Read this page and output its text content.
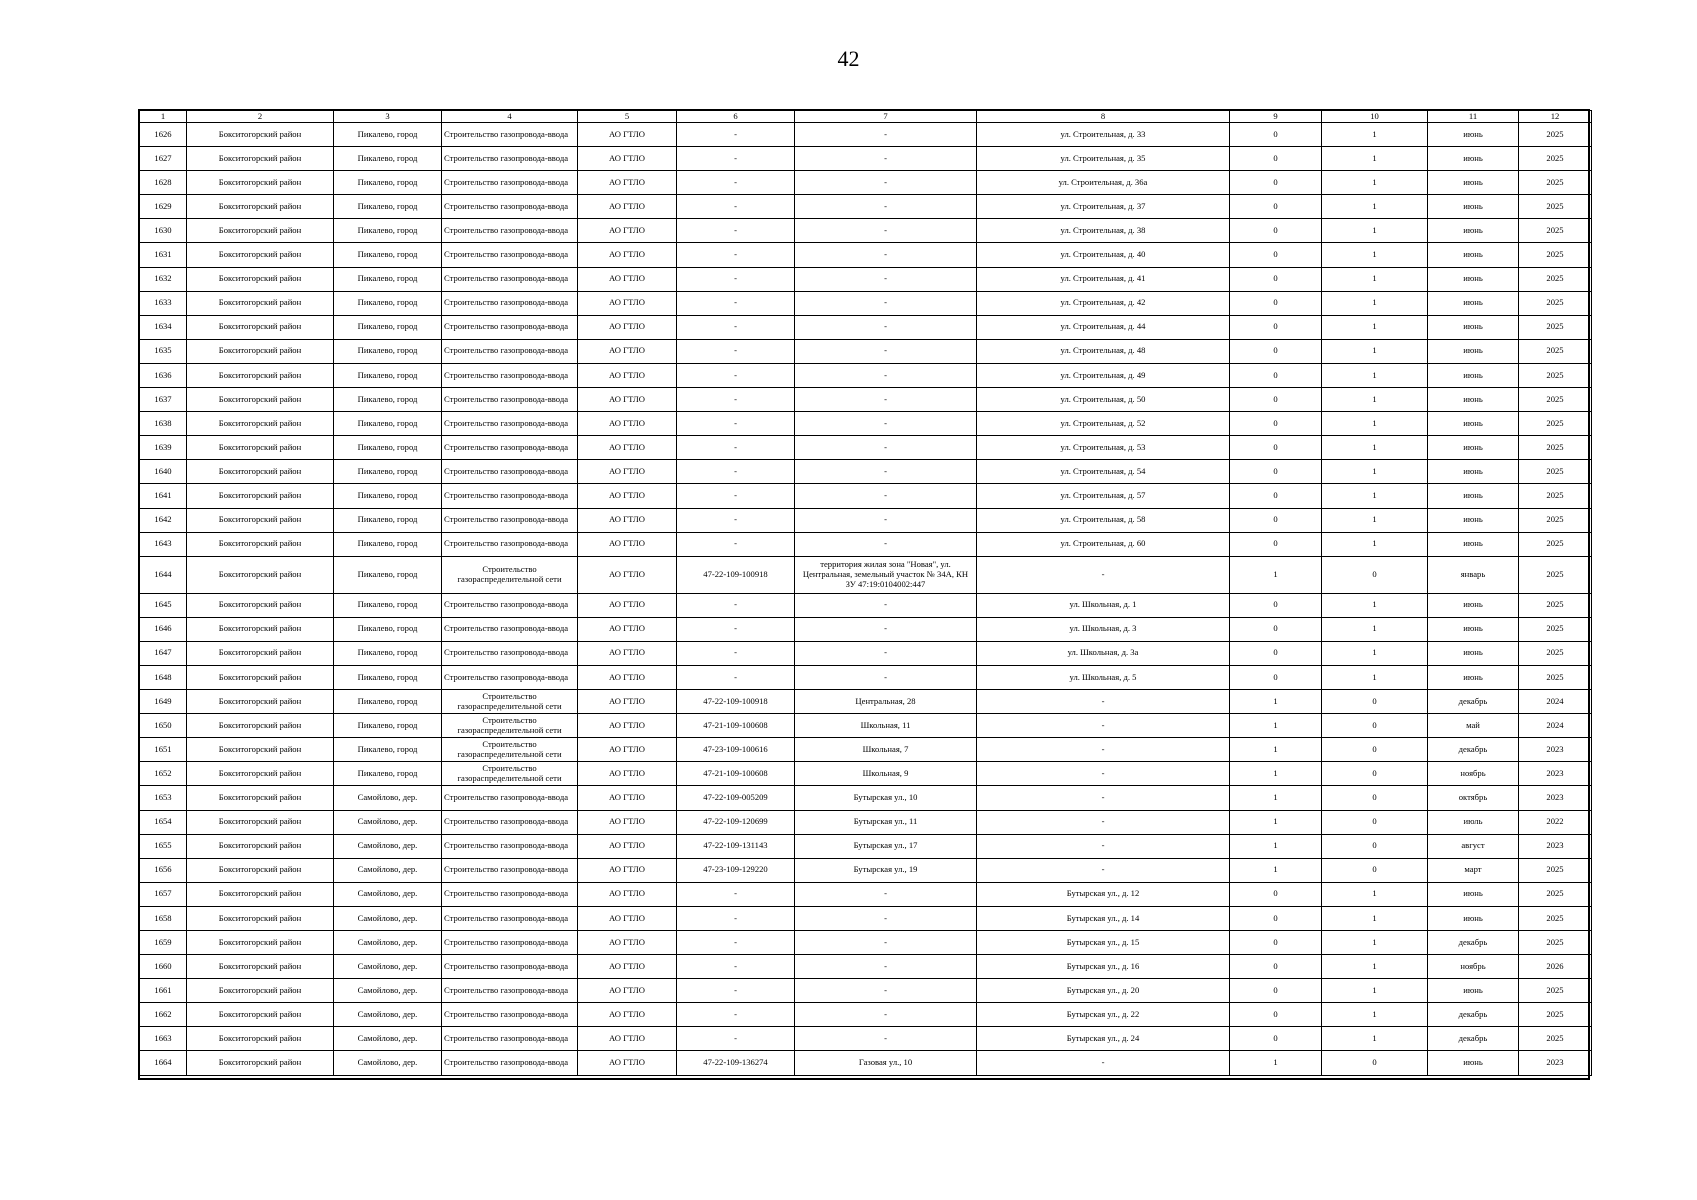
42
1	2	3	4	5	6	7	8	9	10	11	12
1626	Бокситогорский район	Пикалево, город	Строительство газопровода-ввода	АО ГТЛО	-	-	ул. Строительная, д. 33	0	1	июнь	2025
1627	Бокситогорский район	Пикалево, город	Строительство газопровода-ввода	АО ГТЛО	-	-	ул. Строительная, д. 35	0	1	июнь	2025
1628	Бокситогорский район	Пикалево, город	Строительство газопровода-ввода	АО ГТЛО	-	-	ул. Строительная, д. 36а	0	1	июнь	2025
1629	Бокситогорский район	Пикалево, город	Строительство газопровода-ввода	АО ГТЛО	-	-	ул. Строительная, д. 37	0	1	июнь	2025
1630	Бокситогорский район	Пикалево, город	Строительство газопровода-ввода	АО ГТЛО	-	-	ул. Строительная, д. 38	0	1	июнь	2025
1631	Бокситогорский район	Пикалево, город	Строительство газопровода-ввода	АО ГТЛО	-	-	ул. Строительная, д. 40	0	1	июнь	2025
1632	Бокситогорский район	Пикалево, город	Строительство газопровода-ввода	АО ГТЛО	-	-	ул. Строительная, д. 41	0	1	июнь	2025
1633	Бокситогорский район	Пикалево, город	Строительство газопровода-ввода	АО ГТЛО	-	-	ул. Строительная, д. 42	0	1	июнь	2025
1634	Бокситогорский район	Пикалево, город	Строительство газопровода-ввода	АО ГТЛО	-	-	ул. Строительная, д. 44	0	1	июнь	2025
1635	Бокситогорский район	Пикалево, город	Строительство газопровода-ввода	АО ГТЛО	-	-	ул. Строительная, д. 48	0	1	июнь	2025
1636	Бокситогорский район	Пикалево, город	Строительство газопровода-ввода	АО ГТЛО	-	-	ул. Строительная, д. 49	0	1	июнь	2025
1637	Бокситогорский район	Пикалево, город	Строительство газопровода-ввода	АО ГТЛО	-	-	ул. Строительная, д. 50	0	1	июнь	2025
1638	Бокситогорский район	Пикалево, город	Строительство газопровода-ввода	АО ГТЛО	-	-	ул. Строительная, д. 52	0	1	июнь	2025
1639	Бокситогорский район	Пикалево, город	Строительство газопровода-ввода	АО ГТЛО	-	-	ул. Строительная, д. 53	0	1	июнь	2025
1640	Бокситогорский район	Пикалево, город	Строительство газопровода-ввода	АО ГТЛО	-	-	ул. Строительная, д. 54	0	1	июнь	2025
1641	Бокситогорский район	Пикалево, город	Строительство газопровода-ввода	АО ГТЛО	-	-	ул. Строительная, д. 57	0	1	июнь	2025
1642	Бокситогорский район	Пикалево, город	Строительство газопровода-ввода	АО ГТЛО	-	-	ул. Строительная, д. 58	0	1	июнь	2025
1643	Бокситогорский район	Пикалево, город	Строительство газопровода-ввода	АО ГТЛО	-	-	ул. Строительная, д. 60	0	1	июнь	2025
1644	Бокситогорский район	Пикалево, город	Строительство газораспределительной сети	АО ГТЛО	47-22-109-100918	территория жилая зона "Новая", ул. Центральная, земельный участок № 34А, КН ЗУ 47:19:0104002:447	-	1	0	январь	2025
1645	Бокситогорский район	Пикалево, город	Строительство газопровода-ввода	АО ГТЛО	-	-	ул. Школьная, д. 1	0	1	июнь	2025
1646	Бокситогорский район	Пикалево, город	Строительство газопровода-ввода	АО ГТЛО	-	-	ул. Школьная, д. 3	0	1	июнь	2025
1647	Бокситогорский район	Пикалево, город	Строительство газопровода-ввода	АО ГТЛО	-	-	ул. Школьная, д. 3а	0	1	июнь	2025
1648	Бокситогорский район	Пикалево, город	Строительство газопровода-ввода	АО ГТЛО	-	-	ул. Школьная, д. 5	0	1	июнь	2025
1649	Бокситогорский район	Пикалево, город	Строительство газораспределительной сети	АО ГТЛО	47-22-109-100918	Центральная, 28	-	1	0	декабрь	2024
1650	Бокситогорский район	Пикалево, город	Строительство газораспределительной сети	АО ГТЛО	47-21-109-100608	Школьная, 11	-	1	0	май	2024
1651	Бокситогорский район	Пикалево, город	Строительство газораспределительной сети	АО ГТЛО	47-23-109-100616	Школьная, 7	-	1	0	декабрь	2023
1652	Бокситогорский район	Пикалево, город	Строительство газораспределительной сети	АО ГТЛО	47-21-109-100608	Школьная, 9	-	1	0	ноябрь	2023
1653	Бокситогорский район	Самойлово, дер.	Строительство газопровода-ввода	АО ГТЛО	47-22-109-005209	Бутырская ул., 10	-	1	0	октябрь	2023
1654	Бокситогорский район	Самойлово, дер.	Строительство газопровода-ввода	АО ГТЛО	47-22-109-120699	Бутырская ул., 11	-	1	0	июль	2022
1655	Бокситогорский район	Самойлово, дер.	Строительство газопровода-ввода	АО ГТЛО	47-22-109-131143	Бутырская ул., 17	-	1	0	август	2023
1656	Бокситогорский район	Самойлово, дер.	Строительство газопровода-ввода	АО ГТЛО	47-23-109-129220	Бутырская ул., 19	-	1	0	март	2025
1657	Бокситогорский район	Самойлово, дер.	Строительство газопровода-ввода	АО ГТЛО	-	-	Бутырская ул., д. 12	0	1	июнь	2025
1658	Бокситогорский район	Самойлово, дер.	Строительство газопровода-ввода	АО ГТЛО	-	-	Бутырская ул., д. 14	0	1	июнь	2025
1659	Бокситогорский район	Самойлово, дер.	Строительство газопровода-ввода	АО ГТЛО	-	-	Бутырская ул., д. 15	0	1	декабрь	2025
1660	Бокситогорский район	Самойлово, дер.	Строительство газопровода-ввода	АО ГТЛО	-	-	Бутырская ул., д. 16	0	1	ноябрь	2026
1661	Бокситогорский район	Самойлово, дер.	Строительство газопровода-ввода	АО ГТЛО	-	-	Бутырская ул., д. 20	0	1	июнь	2025
1662	Бокситогорский район	Самойлово, дер.	Строительство газопровода-ввода	АО ГТЛО	-	-	Бутырская ул., д. 22	0	1	декабрь	2025
1663	Бокситогорский район	Самойлово, дер.	Строительство газопровода-ввода	АО ГТЛО	-	-	Бутырская ул., д. 24	0	1	декабрь	2025
1664	Бокситогорский район	Самойлово, дер.	Строительство газопровода-ввода	АО ГТЛО	47-22-109-136274	Газовая ул., 10	-	1	0	июнь	2023
